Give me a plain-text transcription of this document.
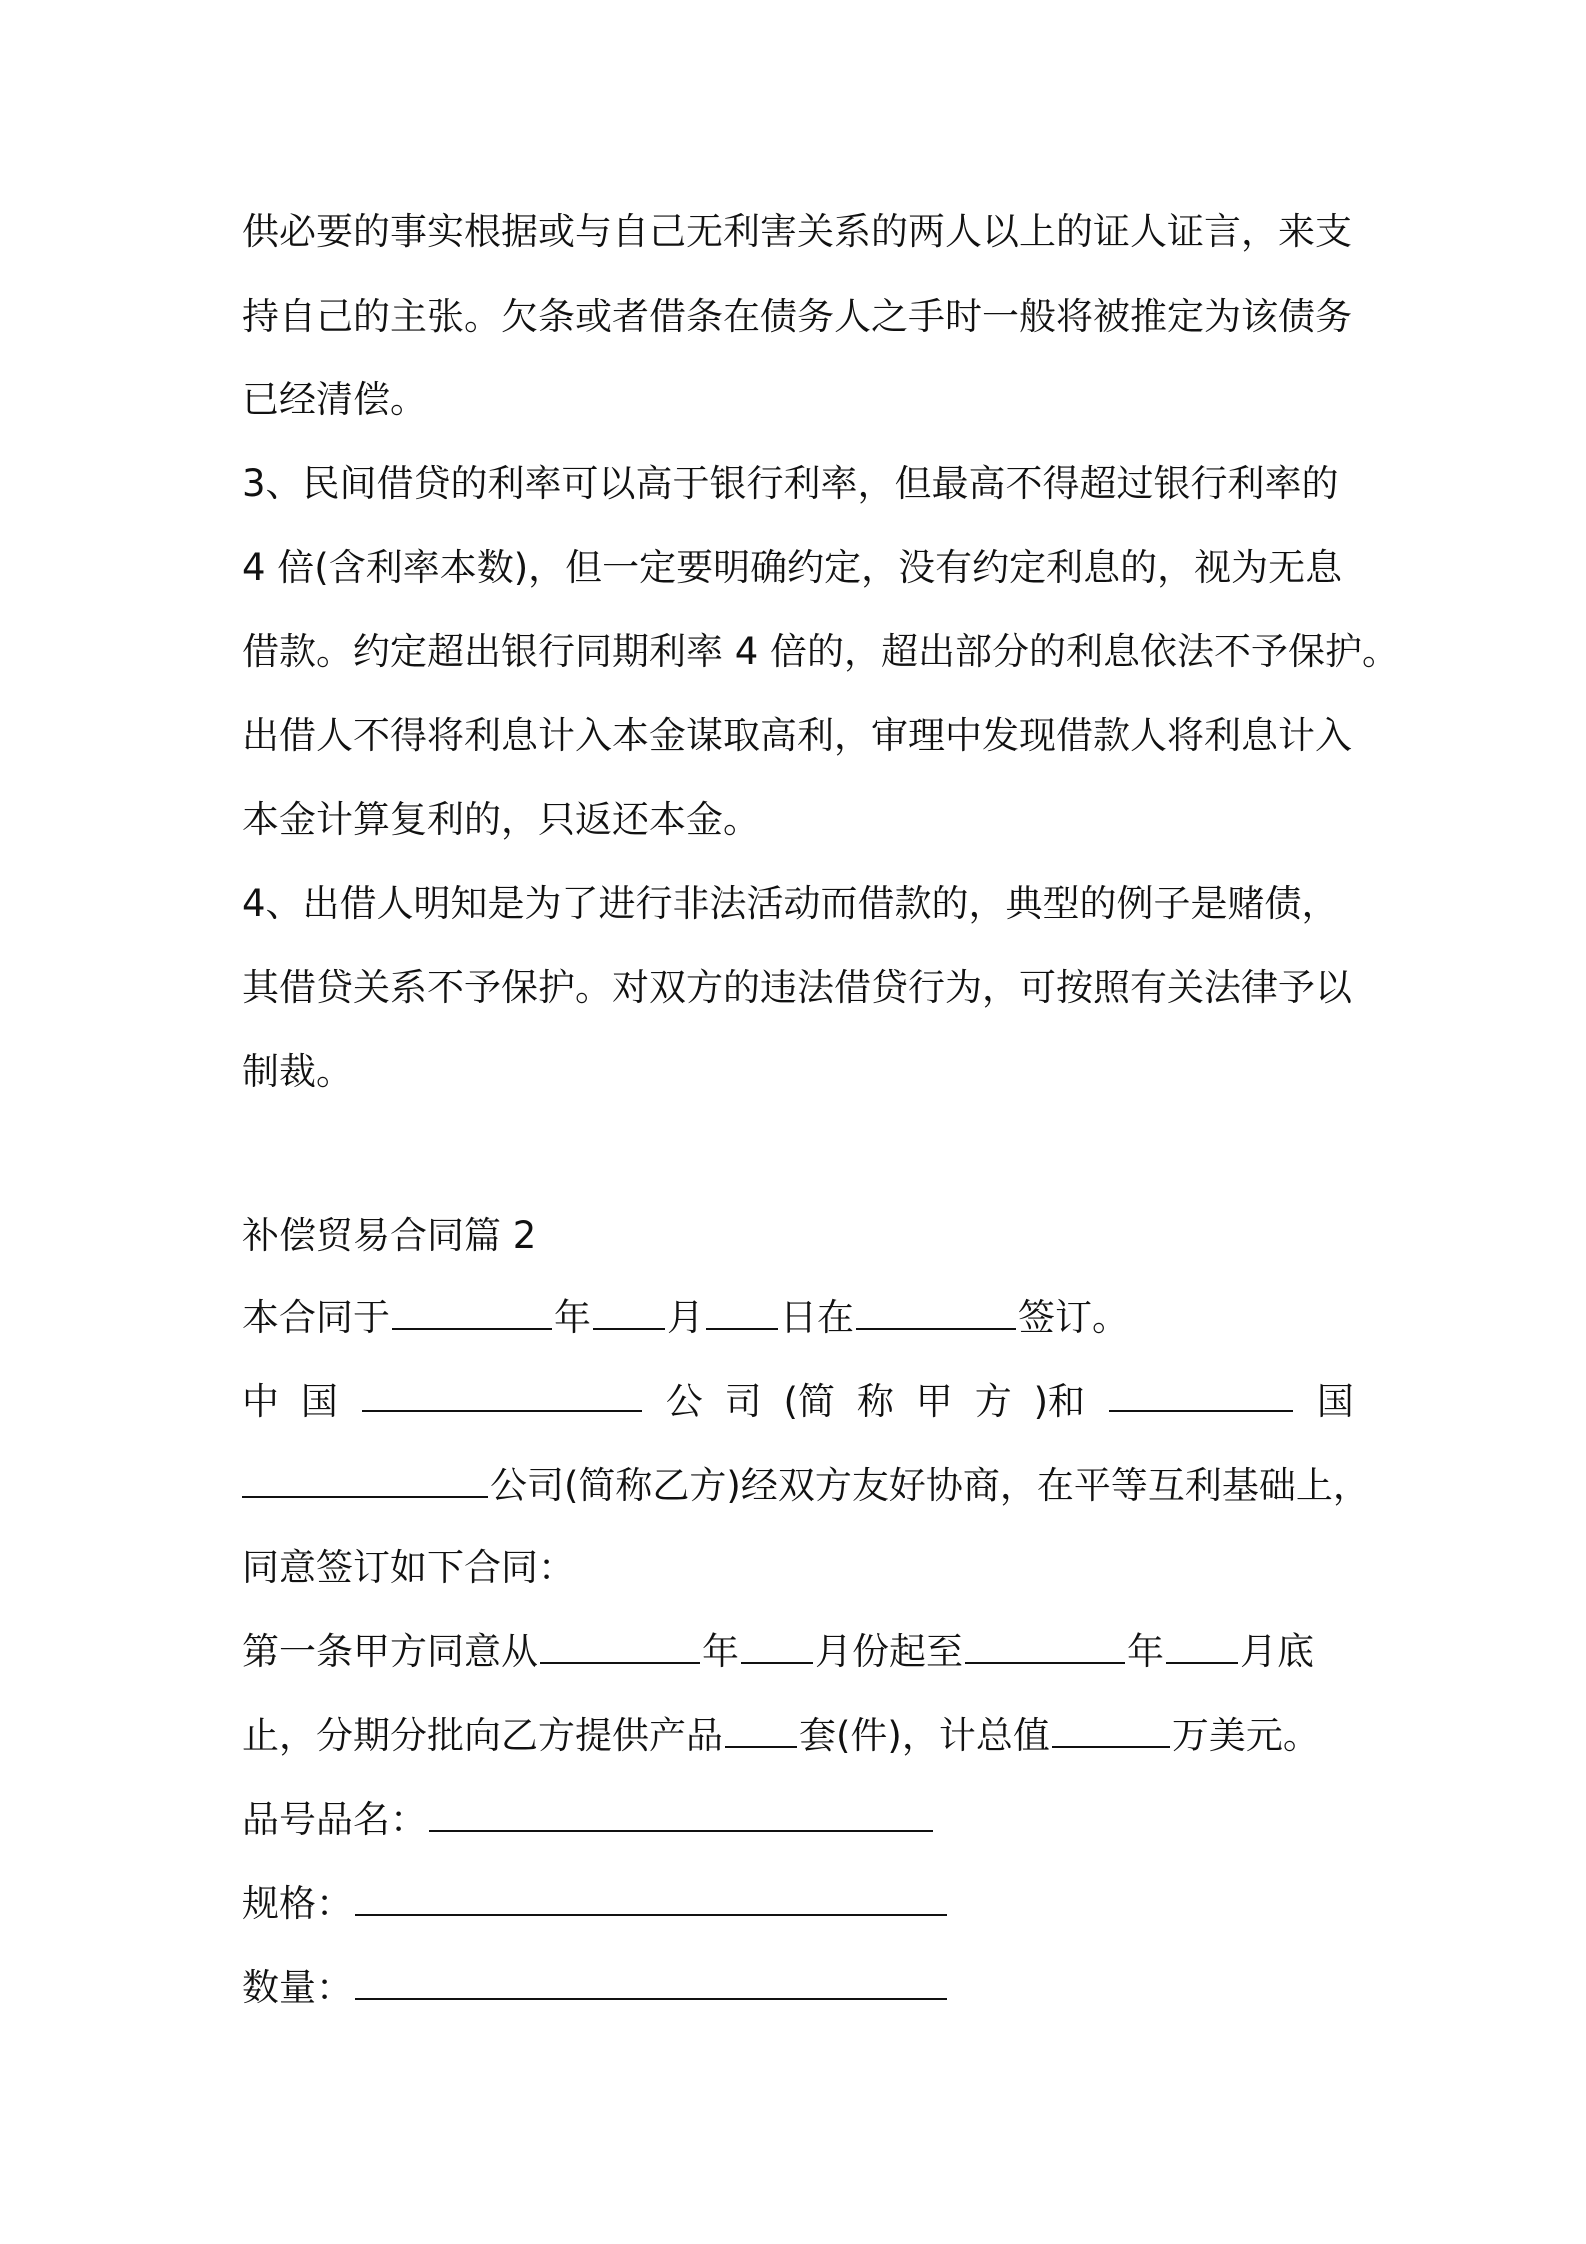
供必要的事实根据或与自己无利害关系的两人以上的证人证言，来支
持自己的主张。欠条或者借条在债务人之手时一般将被推定为该债务
已经清偿。
3、民间借贷的利率可以高于银行利率，但最高不得超过银行利率的
4 倍(含利率本数)，但一定要明确约定，没有约定利息的，视为无息
借款。约定超出银行同期利率 4 倍的，超出部分的利息依法不予保护。
出借人不得将利息计入本金谋取高利，审理中发现借款人将利息计入
本金计算复利的，只返还本金。
4、出借人明知是为了进行非法活动而借款的，典型的例子是赌债，
其借贷关系不予保护。对双方的违法借贷行为，可按照有关法律予以
制裁。
补偿贸易合同篇 2
本合同于	年 月 日在	签订。
中 国	公 司 (简 称 甲 方 )和	国
公司(简称乙方)经双方友好协商，在平等互利基础上，
同意签订如下合同：
第一条甲方同意从	年 月份起至	年 月底
止，分期分批向乙方提供产品 套(件)，计总值	万美元。
品号品名：
规格：
数量：
